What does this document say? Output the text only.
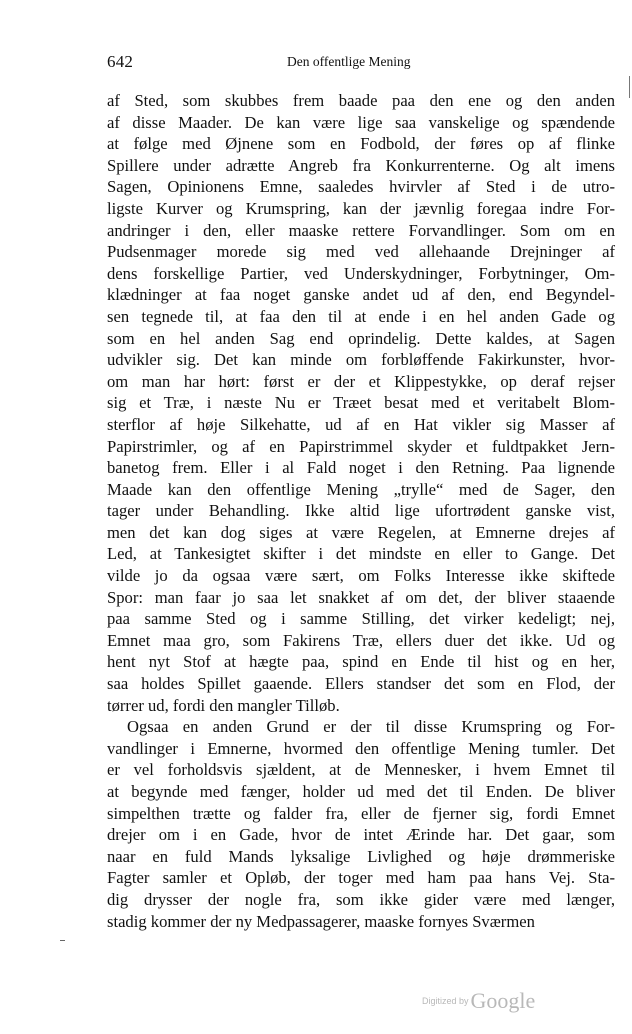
642	Den offentlige Mening
af Sted, som skubbes frem baade paa den ene og den anden
af disse Maader. De kan være lige saa vanskelige og spændende
at følge med Øjnene som en Fodbold, der føres op af flinke
Spillere under adrætte Angreb fra Konkurrenterne. Og alt imens
Sagen, Opinionens Emne, saaledes hvirvler af Sted i de utro-
ligste Kurver og Krumspring, kan der jævnlig foregaa indre For-
andringer i den, eller maaske rettere Forvandlinger. Som om en
Pudsenmager morede sig med ved allehaande Drejninger af
dens forskellige Partier, ved Underskydninger, Forbytninger, Om-
klædninger at faa noget ganske andet ud af den, end Begyndel-
sen tegnede til, at faa den til at ende i en hel anden Gade og
som en hel anden Sag end oprindelig. Dette kaldes, at Sagen
udvikler sig. Det kan minde om forbløffende Fakirkunster, hvor-
om man har hørt: først er der et Klippestykke, op deraf rejser
sig et Træ, i næste Nu er Træet besat med et veritabelt Blom-
sterflor af høje Silkehatte, ud af en Hat vikler sig Masser af
Papirstrimler, og af en Papirstrimmel skyder et fuldtpakket Jern-
banetog frem. Eller i al Fald noget i den Retning. Paa lignende
Maade kan den offentlige Mening „trylle“ med de Sager, den
tager under Behandling. Ikke altid lige ufortrødent ganske vist,
men det kan dog siges at være Regelen, at Emnerne drejes af
Led, at Tankesigtet skifter i det mindste en eller to Gange. Det
vilde jo da ogsaa være sært, om Folks Interesse ikke skiftede
Spor: man faar jo saa let snakket af om det, der bliver staaende
paa samme Sted og i samme Stilling, det virker kedeligt; nej,
Emnet maa gro, som Fakirens Træ, ellers duer det ikke. Ud og
hent nyt Stof at hægte paa, spind en Ende til hist og en her,
saa holdes Spillet gaaende. Ellers standser det som en Flod, der
tørrer ud, fordi den mangler Tilløb.
Ogsaa en anden Grund er der til disse Krumspring og For-
vandlinger i Emnerne, hvormed den offentlige Mening tumler. Det
er vel forholdsvis sjældent, at de Mennesker, i hvem Emnet til
at begynde med fænger, holder ud med det til Enden. De bliver
simpelthen trætte og falder fra, eller de fjerner sig, fordi Emnet
drejer om i en Gade, hvor de intet Ærinde har. Det gaar, som
naar en fuld Mands lyksalige Livlighed og høje drømmeriske
Fagter samler et Opløb, der toger med ham paa hans Vej. Sta-
dig drysser der nogle fra, som ikke gider være med længer,
stadig kommer der ny Medpassagerer, maaske fornyes Sværmen
Digitized byGoogle
